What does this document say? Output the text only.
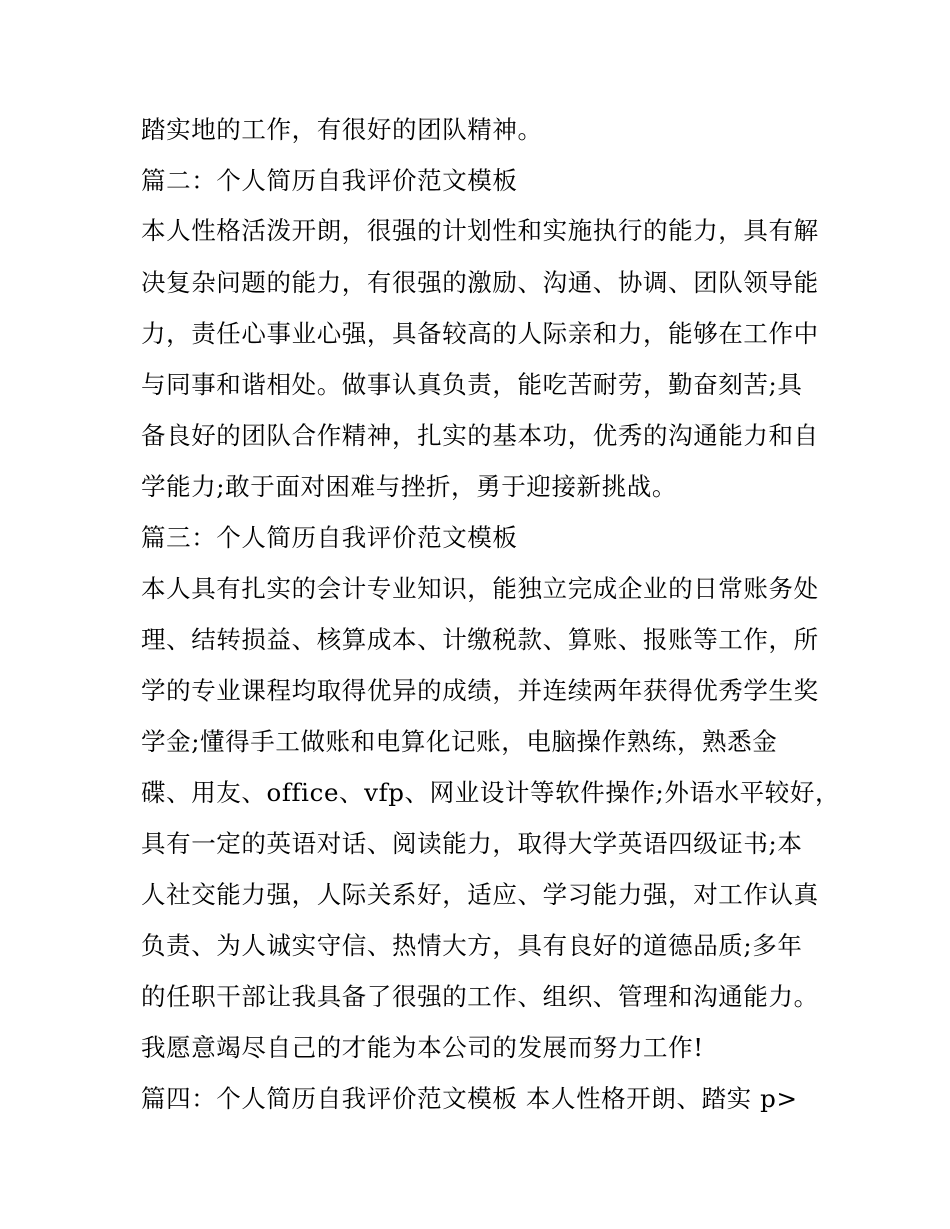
踏实地的工作，有很好的团队精神。
篇二：个人简历自我评价范文模板
本人性格活泼开朗，很强的计划性和实施执行的能力，具有解
决复杂问题的能力，有很强的激励、沟通、协调、团队领导能
力，责任心事业心强，具备较高的人际亲和力，能够在工作中
与同事和谐相处。做事认真负责，能吃苦耐劳，勤奋刻苦;具
备良好的团队合作精神，扎实的基本功，优秀的沟通能力和自
学能力;敢于面对困难与挫折，勇于迎接新挑战。
篇三：个人简历自我评价范文模板
本人具有扎实的会计专业知识，能独立完成企业的日常账务处
理、结转损益、核算成本、计缴税款、算账、报账等工作，所
学的专业课程均取得优异的成绩，并连续两年获得优秀学生奖
学金;懂得手工做账和电算化记账，电脑操作熟练，熟悉金
碟、用友、office、vfp、网业设计等软件操作;外语水平较好，
具有一定的英语对话、阅读能力，取得大学英语四级证书;本
人社交能力强，人际关系好，适应、学习能力强，对工作认真
负责、为人诚实守信、热情大方，具有良好的道德品质;多年
的任职干部让我具备了很强的工作、组织、管理和沟通能力。
我愿意竭尽自己的才能为本公司的发展而努力工作!
篇四：个人简历自我评价范文模板 本人性格开朗、踏实 p>
